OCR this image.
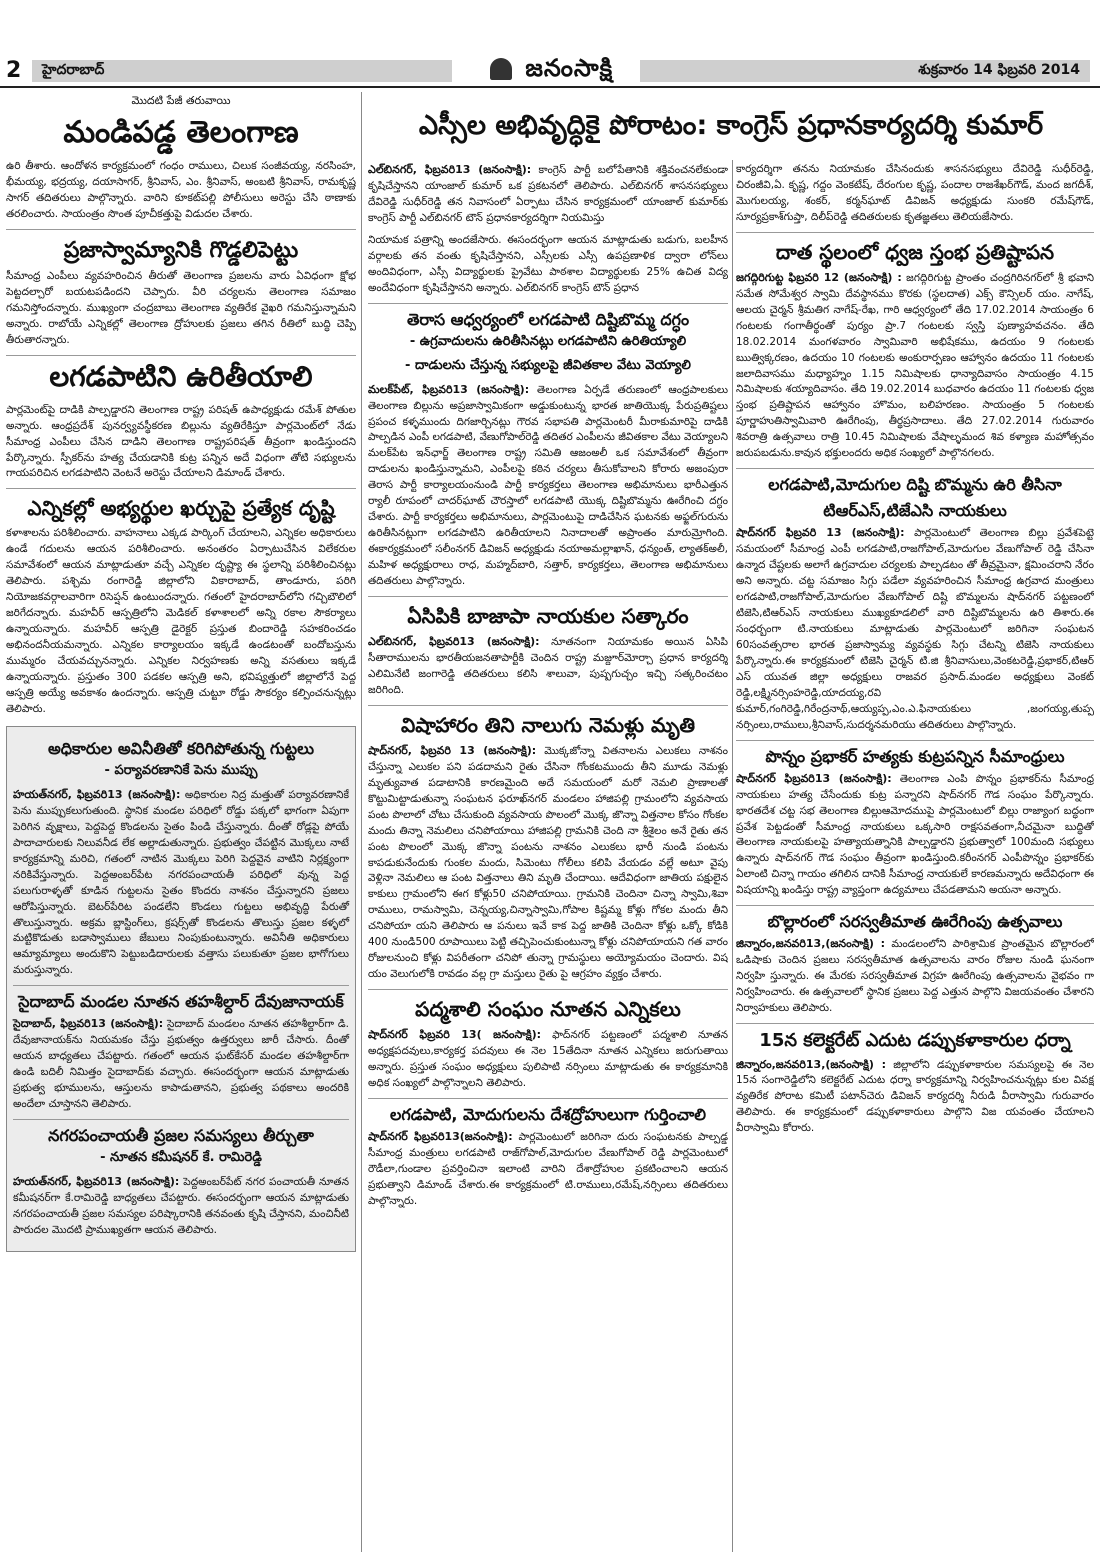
2	హైదరాబాద్	జనంసాక్షి	శుక్రవారం 14 ఫిబ్రవరి 2014
మొదటి పేజీ తరువాయి
మండిపడ్డ తెలంగాణ
ఉరి తీశారు. ఆందోళన కార్యక్రమంలో గంధం రాములు, చిలుక సంజీవయ్య, నరసింహ, భీమయ్య, భద్రయ్య, దయాసాగర్, శ్రీనివాస్, ఎం. శ్రీనివాస్, అంబటి శ్రీనివాస్, రామకృష్ణ సాగర్ తదితరులు పాల్గొన్నారు. వారిని కూకట్‌పల్లి పోలీసులు అరెస్టు చేసి ఠాణాకు తరలించారు. సాయంత్రం సొంత పూచీకత్తుపై విడుదల చేశారు.
ప్రజాస్వామ్యానికి గొడ్డలిపెట్టు
సీమాంధ్ర ఎంపీలు వ్యవహరించిన తీరుతో తెలంగాణ ప్రజలను వారు ఏవిధంగా క్షోభ పెట్టదల్చారో బయటపడిందని చెప్పారు. వీరి చర్యలను తెలంగాణ సమాజం గమనిస్తోందన్నారు. ముఖ్యంగా చంద్రబాబు తెలంగాణ వ్యతిరేక వైఖరి గమనిస్తున్నామని అన్నారు. రాబోయే ఎన్నికల్లో తెలంగాణ ద్రోహులకు ప్రజలు తగిన రీతిలో బుద్ధి చెప్పి తీరుతారన్నారు.
లగడపాటిని ఉరితీయాలి
పార్లమెంట్‌పై దాడికి పాల్పడ్డారని తెలంగాణ రాష్ట్ర పరిషత్ ఉపాధ్యక్షుడు రమేశ్ పోతుల అన్నారు. ఆంధ్రప్రదేశ్ పునర్వ్యవస్థీకరణ బిల్లును వ్యతిరేకిస్తూ పార్లమెంట్‌లో నేడు సీమాంధ్ర ఎంపీలు చేసిన దాడిని తెలంగాణ రాష్ట్రపరిషత్ తీవ్రంగా ఖండిస్తుందని పేర్కొన్నారు. స్పీకర్‌ను హత్య చేయడానికి కుట్ర పన్నిన అదే విధంగా తోటి సభ్యులను గాయపరిచిన లగడపాటిని వెంటనే అరెస్టు చేయాలని డిమాండ్ చేశారు.
ఎన్నికల్లో అభ్యర్థుల ఖర్చుపై ప్రత్యేక దృష్టి
కళాశాలను పరిశీలించారు. వాహనాలు ఎక్కడ పార్కింగ్ చేయాలని, ఎన్నికల అధికారులు ఉండే గదులను ఆయన పరిశీలించారు. అనంతరం ఏర్పాటుచేసిన విలేకరుల సమావేశంలో ఆయన మాట్లాడుతూ వచ్చే ఎన్నికల దృష్ట్యా ఈ స్థలాన్ని పరిశీలించినట్లు తెలిపారు. పశ్చిమ రంగారెడ్డి జిల్లాలోని వికారాబాద్, తాండూరు, పరిగి నియోజకవర్గాలవారిగా రిసెప్షన్ ఉంటుందన్నారు. గతంలో హైదరాబాద్‌లోని గచ్చిబౌలిలో జరిగేదన్నారు. మహవీర్ ఆస్పత్రిలోని మెడికల్ కళాశాలలో అన్ని రకాల సౌకర్యాలు ఉన్నాయన్నారు. మహవీర్ ఆస్పత్రి డైరెక్టర్ ప్రస్తుత బిందారెడ్డి సహకరించడం అభినందనీయమన్నారు. ఎన్నికల కార్యాలయం ఇక్కడే ఉండటంతో బందోబస్తును ముమ్మరం చేయవచ్చునన్నారు. ఎన్నికల నిర్వహణకు అన్ని వసతులు ఇక్కడే ఉన్నాయన్నారు. ప్రస్తుతం 300 పడకల ఆస్పత్రి అని, భవిష్యత్తులో జిల్లాలోనే పెద్ద ఆస్పత్రి అయ్యే అవకాశం ఉందన్నారు. ఆస్పత్రి చుట్టూ రోడ్డు సౌకర్యం కల్పించనున్నట్లు తెలిపారు.
అధికారుల అవినీతితో కరిగిపోతున్న గుట్టలు
- పర్యావరణానికే పెను ముప్పు
హయత్‌నగర్, ఫిబ్రవరి13 (జనంసాక్షి): అధికారుల నిద్ర మత్తుతో పర్యావరణానికే పెను ముప్పుకలుగుతుంది. స్థానిక మండల పరిధిలో రోడ్డు పక్కలో భాగంగా ఏపుగా పెరిగిన వృక్షాలు, పెద్దపెద్ద కొండలను సైతం పిండి చేస్తున్నారు. దీంతో రోడ్లపై పోయే పాదాచారులకు నిలువనీడ లేక అల్లాడుతున్నారు. ప్రభుత్వం చేపట్టిన మొక్కలు నాటే కార్యక్రమాన్ని మరిచి, గతంలో నాటిన మొక్కలు పెరిగి పెద్దవైన వాటిని నిర్లక్ష్యంగా నరికివేస్తున్నారు. పెద్దఅంబర్‌పేట నగరపంచాయతీ పరిధిలో వున్న పెద్ద పలుగురాళ్ళతో కూడిన గుట్టలను సైతం కొందరు నాశనం చేస్తున్నారని ప్రజలు ఆరోపిస్తున్నారు. బెటర్‌పేరిట పండలేని కొండలు గుట్టలు అభివృద్ధి పేరుతో తొలుస్తున్నారు. అక్రమ బ్లాస్టింగ్‌లు, క్రషర్స్‌తో కొండలను తొలుస్తు ప్రజల కళ్ళలో మట్టికొడుతు బడాస్వాములు జేబులు నింపుకుంటున్నారు. అవినీతి అధికారులు ఆమ్యామ్యాలు అందుకొని పెట్టుబడిదారులకు వత్తాసు పలుకుతూ ప్రజల భాగోగులు మరుస్తున్నారు.
సైదాబాద్ మండల నూతన తహశీల్దార్ దేవుజానాయక్
సైదాబాద్, ఫిబ్రవరి13 (జనంసాక్షి): సైదాబాద్ మండలం నూతన తహశీల్దార్‌గా డి. దేవుజానాయక్‌ను నియమకం చేస్తు ప్రభుత్వం ఉత్తర్వులు జారీ చేసారు. దీంతో ఆయన బాధ్యతలు చేపట్టారు. గతంలో ఆయన ఘట్‌కేసర్ మండల తహశీల్దార్‌గా ఉండి బదిలీ నిమిత్తం సైదాబాద్‌కు వచ్చారు. ఈసందర్భంగా ఆయన మాట్లాడుతు ప్రభుత్వ భూములను, ఆస్తులను కాపాడుతానని, ప్రభుత్వ పథకాలు అందరికి అందేలా చూస్తానని తెలిపారు.
నగరపంచాయతీ ప్రజల సమస్యలు తీర్చుతా
- నూతన కమీషనర్ కే. రామిరెడ్డి
హయత్‌నగర్, ఫిబ్రవరి13 (జనంసాక్షి): పెద్దఅంబర్‌పేట్ నగర పంచాయతీ నూతన కమీషనర్‌గా కే.రామిరెడ్డి బాధ్యతలు చేపట్టారు. ఈసందర్భంగా ఆయన మాట్లాడుతు నగరపంచాయతీ ప్రజల సమస్యల పరిష్కారానికి తనవంతు కృషి చేస్తానని, మంచినీటి పారుదల మొదటి ప్రాముఖ్యతగా ఆయన తెలిపారు.
ఎస్సీల అభివృద్ధికై పోరాటం: కాంగ్రెస్ ప్రధానకార్యదర్శి కుమార్
ఎల్‌బినగర్, ఫిబ్రవరి13 (జనంసాక్షి): కాంగ్రెస్ పార్టీ బలోపేతానికి శక్తివంచనలేకుండా కృషిచేస్తానని యాంజాల్ కుమార్ ఒక ప్రకటనలో తెలిపారు. ఎల్‌బినగర్ శాసనసభ్యులు దేవిరెడ్డి సుధీర్‌రెడ్డి తన నివాసంలో ఏర్పాటు చేసిన కార్యక్రమంలో యాంజాల్ కుమార్‌కు కాంగ్రెస్ పార్టీ ఎల్‌బినగర్ టౌన్ ప్రధానకార్యదర్శిగా నియమిస్తు
నియామక పత్రాన్ని అందజేసారు. ఈసందర్భంగా ఆయన మాట్లాడుతు బడుగు, బలహీన వర్గాలకు తన వంతు కృషిచేస్తానని, ఎస్సీలకు ఎస్సీ ఉపప్రణాళిక ద్వారా లోన్‌లు అందివిధంగా, ఎస్సీ విద్యార్థులకు ప్రైవేటు పాఠశాల విద్యార్థులకు 25% ఉచిత విద్య అందేవిధంగా కృషిచేస్తానని అన్నారు. ఎల్‌బినగర్ కాంగ్రెస్ టౌన్ ప్రధాన
తెరాస ఆధ్వర్యంలో లగడపాటి దిష్టిబొమ్మ దగ్ధం
- ఉగ్రవాదులను ఉరితీసినట్లు లగడపాటిని ఉరితియ్యాలి
- దాడులను చేస్తున్న సభ్యులపై జీవితకాల వేటు వెయ్యాలి
మలక్‌పేట్, ఫిబ్రవరి13 (జనంసాక్షి): తెలంగాణ ఏర్పడే తరుణంలో ఆంధ్రపాలకులు తెలంగాణ బిల్లును అప్రజాస్వామికంగా అడ్డుకుంటున్న భారత జాతియొక్క పేరుప్రతిష్టలు ప్రపంచ కళ్ళముందు దిగజార్చినట్లు గౌరవ సభాపతి పార్లమెంటరీ మీరాకుమారిపై దాడికి పాల్పడిన ఎంపీ లగడపాటి, వేణుగోపాల్‌రెడ్డి తదితర ఎంపీలను జీవితకాల వేటు వెయ్యాలని మలక్‌పేట ఇన్‌ఛార్జ్ తెలంగాణ రాష్ట్ర సమితి ఆజంఅలీ ఒక సమావేశంలో తీవ్రంగా దాడులను ఖండిస్తున్నామని, ఎంపీలపై కఠిన చర్యలు తీసుకోవాలని కోరారు అజంపురా తెరాస పార్టీ కార్యాలయంనుండి పార్టీ కార్యకర్తలు తెలంగాణ అభిమానులు భారీఎత్తున ర్యాలీ రూపంలో చాదర్‌ఘాట్ చౌరస్తాలో లగడపాటి యొక్క దిష్టిబొమ్మను ఊరేగించి దగ్ధం చేశారు. పార్టీ కార్యకర్తలు అభిమానులు, పార్లమెంటుపై దాడిచేసిన ఘటనకు అఫ్జల్‌గురును ఉరితీసినట్లుగా లగడపాటిని ఉరితీయాలని నినాదాలతో అప్రాంతం మారుమ్రోగింది. ఈకార్యక్రమంలో సలీంనగర్ డివిజన్ అధ్యక్షుడు నయాఅమల్లాఖాన్, ధన్యంత్, ల్యాతక్‌అలీ, మహిళ అధ్యక్షురాలు రాధ, మహ్మద్‌బారి, సత్తార్, కార్యకర్తలు, తెలంగాణ అభిమానులు తదితరులు పాల్గొన్నారు.
ఏసిపికి బాజాపా నాయకుల సత్కారం
ఎల్‌బినగర్, ఫిబ్రవరి13 (జనంసాక్షి): నూతనంగా నియామకం అయిన ఏసిపి సీతారాములను భారతీయజనతాపార్టీకి చెందిన రాష్ట్ర మజ్దూర్‌మోర్చా ప్రధాన కార్యదర్శి ఎలిమినేటి జంగారెడ్డి తదితరులు కలిసి శాలువా, పుష్పగుచ్చం ఇచ్చి సత్కరించటం జరిగింది.
విషాహారం తిని నాలుగు నెమళ్లు మృతి
షాద్‌నగర్, ఫిబ్రవరి 13 (జనంసాక్షి): మొక్కజోన్నా వితనాలను ఎలుకలు నాశనం చేస్తున్నా ఎలుకల పని పడదామని రైతు చేసినా గోంకటముందు తీని మూడు నెమళ్లు మృత్యువాత పడాటానికి కారణమైంది అదే సమయంలో మరో నెమలి ప్రాణాలతో కొట్టుమిట్టాడుతున్నా సంఘటన ఫరూఖ్‌నగర్ మండలం హాజిపల్లి గ్రామంలోని వ్యవసాయ పంట పొలాలో చోటు చేసుకుంది వ్యవసాయ పొలంలో మొక్క జొన్నా విత్తనాల కోసం గోంకల మందు తిన్నా నెమలిలు చనిపోయాయి హాజిపల్లి గ్రామనికి చెంది నా శ్రీశైలం అనే రైతు తన పంట పొలంలో మొక్క జొన్నా పంటను నాశనం ఎలుకలు భారీ నుండి పంటను కాపడుకునేందుకు గుంకల మందు, సిమెంటు గోలీలు కలిపి వేయడం వల్లే అటూ వైపు వెళ్లినా నెమలిలు ఆ పంట విత్తనాలు తిని మృతి చేందాయి. ఆదేవిధంగా జాతియ పక్షులైన కాకులు గ్రామంలోని ఈగ కోళ్లు50 చనిపోయాయి. గ్రామనికి చెందినా చిన్నా స్వామి,శివా రాములు, రామస్వామి, చెన్నయ్య,చిన్నాస్వామి,గోపాల కిష్టమ్మ కోళ్లు గోకల మందు తీని చనిపోయా యని తెలిపారు ఆ పనులు ఇవే కాక పెద్ద జాతికి చెందినా కోళ్లు ఒక్కో కోడికి 400 నుండి500 రూపాయిలు పెట్టి తచ్చిపెంచుకుంటున్నా కోళ్లు చనిపోయాయని గత వారం రోజులనుంచి కోళ్లు విపరీతంగా చనిపో తున్నా గ్రామస్థులు అయ్యోమయం చెందారు. విష యం వెలుగులోకి రావడం వల్ల గ్రా మస్తులు రైతు పై ఆగ్రహం వ్యక్తం చేశారు.
పద్మశాలి సంఘం నూతన ఎన్నికలు
షాద్‌నగర్ ఫిబ్రవరి 13( జనంసాక్షి): ఫాద్‌నగర్ పట్టణంలో పద్మశాలి నూతన అధ్యక్షపదవులు,కార్యకర్త పదవులు ఈ నెల 15తేదినా నూతన ఎన్నికలు జరుగుతాయి అన్నారు. ప్రస్తుత సంఘం అధ్యక్షులు పులిపాటి నర్సింలు మాట్లాడుతు ఈ కార్యక్రమానికి అధిక సంఖ్యలో పాల్గొన్నాలని తెలిపారు.
లగడపాటి, మోదుగులను దేశద్రోహులుగా గుర్తించాలి
షాద్‌నగర్ ఫిబ్రవరి13(జనంసాక్షి): పార్లమెంటులో జరిగినా దురు సంఘటనకు పాల్పడ్డ సీమాంధ్ర మంత్రులు లగడపాటి రాజ్‌గోపాల్,మోదుగుల వేణుగోపాల్ రెడ్డి పార్లమెంటులో రౌడీలా,గుండాల ప్రవర్తించినా ఇలాంటి వారిని దేశాద్రోహుల ప్రకటించాలని ఆయన ప్రభుత్వాని డిమాండ్ చేశారు.ఈ కార్యక్రమంలో టి.రాములు,రమేష్,నర్సింలు తదితరులు పాల్గొన్నారు.
కార్యదర్శిగా తనను నియామకం చేసినందుకు శాసనసభ్యులు దేవిరెడ్డి సుధీర్‌రెడ్డి, చిరంజీవి,ఏ. కృష్ణ, గద్దం వెంకటేష్, దేరంగుల కృష్ణ, పందాల రాజశేఖర్‌గౌడ్, మంద జగదీశ్, మొగులయ్య, శంకర్, కర్మన్‌ఘాట్ డివిజన్ అధ్యక్షుడు సుంకరి రమేష్‌గౌడ్, సూర్యప్రకాశ్‌గుప్తా, దిలీప్‌రెడ్డి తదితరులకు కృతజ్ఞతలు తెలియజేసారు.
దాత స్థలంలో ధ్వజ స్తంభ ప్రతిష్టాపన
జగద్గిరిగుట్ట ఫిబ్రవరి 12 (జనంసాక్షి) : జగద్గిరిగుట్ట ప్రాంతం చంద్రగిరినగర్‌లో శ్రీ భవాని సమేత సోమేశ్వర స్వామి దేవస్థానము కొరకు (స్థలదాత) ఎక్స్ కౌన్సిలర్ యం. నాగేష్, ఆలయ చైర్మన్ శ్రీమతిగ నాగేష్-రేఖ, గారి ఆధ్వర్యంలో తేది 17.02.2014 సాయంత్రం 6 గంటలకు గంగాతీర్థంతో పుర్యం ప్రా.7 గంటలకు స్వస్తి పుణ్యాహవచనం. తేది 18.02.2014 మంగళవారం స్వామివారి అభిషేకము, ఉదయం 9 గంటలకు ఋత్విక్కరణం, ఉదయం 10 గంటలకు అంకురార్పణం ఆహ్వానం ఉదయం 11 గంటలకు జలాదివాసము మధ్యాహ్నం 1.15 నిమిషాలకు ధాన్యాదివాసం సాయంత్రం 4.15 నిమిషాలకు శయ్యాదివాసం. తేది 19.02.2014 బుధవారం ఉదయం 11 గంటలకు ధ్వజ స్తంభ ప్రతిష్టాపన ఆహ్వానం హొమం, బలిహరణం. సాయంత్రం 5 గంటలకు పూర్ణాహుతిస్వామివారి ఊరేగింపు, తీర్థప్రసాదాలు. తేది 27.02.2014 గురువారం శివరాత్రి ఉత్సవాలు రాత్రి 10.45 నిమిషాలకు వేషాల్ళమంద శివ కళ్యాణ మహోత్సవం జరుపబడును.కావున భక్తులందరు అధిక సంఖ్యలో పాల్గొనగలరు.
లగడపాటి,మోదుగుల దిష్టి బొమ్మను ఉరి తీసినా
టిఆర్‌ఎస్,టిజేఎసి నాయకులు
షాద్‌నగర్ ఫిబ్రవరి 13 (జనంసాక్షి): పార్లమెంటులో తెలంగాణ బిల్లు ప్రవేశపెట్టె సమయంలో సీమాంధ్ర ఎంపీ లగడపాటి,రాజగోపాల్,మోదుగుల వేణుగోపాల్ రెడ్డి చేసినా ఉన్మాద చేష్టలకు అలాగే ఉగ్రవాదుల చర్యలకు పాల్పడటం తో తీవ్రమైనా, క్షమించరాని నేరం అని అన్నారు. చట్ట సమాజం సిగ్గు పడేలా వ్యవహరించిన సీమాంధ్ర ఉగ్రవాద మంత్రులు లగడపాటి,రాజగోపాల్,మోదుగుల వేణుగోపాల్ దిష్టి బొమ్మలను షాద్‌నగర్ పట్టణంలో టిజెసి,టిఆర్‌ఎస్ నాయకులు ముఖ్యకూడలిలో వారి దిష్టిబొమ్మలను ఉరి తిశారు.ఈ సంధర్బంగా టి.నాయకులు మాట్లాడుతు పార్లమెంటులో జరిగినా సంఘటన 60సంవత్సరాల భారత ప్రజాస్వామ్య వ్యవస్థకు సిగ్గు చేటన్ని టిజెసి నాయకులు పేర్కొన్నారు.ఈ కార్యక్రమంలో టిజెసి చైర్మన్ టి.జి శ్రీనివాసులు,వెంకటరెడ్డి,ప్రభాకర్,టిఆర్ ఎస్ యువత జిల్లా అధ్యక్షులు రాజవర ప్రసాద్.మండల అధ్యక్షులు వెంకట్ రెడ్డి,లక్ష్మినర్సింహరెడ్డి,యాదయ్య,రవి కుమార్,గంగిరెడ్డి,గిరేంద్రనాథ్,ఆయ్యప్ప,ఎం.ఎ.ఫినాయకులు ,జంగయ్య,తుప్ప నర్సింలు,రాములు,శ్రీనివాస్,సుదర్శనమరియు తదితరులు పాల్గొన్నారు.
పొన్నం ప్రభాకర్ హత్యకు కుట్రపన్నిన సీమాంధ్రులు
షాద్‌నగర్ ఫిబ్రవరి13 (జనంసాక్షి): తెలంగాణ ఎంపి పొన్నం ప్రభాకర్‌ను సీమాంధ్ర నాయకులు హత్య చేసేందుకు కుట్ర పన్నారని షాద్‌నగర్ గౌడ సంఘం పేర్కొన్నారు. భారతదేశ చట్ట సభ తెలంగాణ బిల్లుఆమోదముపై పార్లమెంటులో బిల్లు రాజ్యాంగ బద్ధంగా ప్రవేశ పెట్టడంతో సీమాంధ్ర నాయకులు ఒక్కసారి రాక్షసవతంగా,నీచమైనా బుద్ధితో తెలంగాణ నాయకులపై హత్యాయత్నానికి పాల్పడ్డారని ప్రభుత్వాలో 100మంది సభ్యులు ఉన్నారు షాద్‌నగర్ గౌడ సంఘం తీవ్రంగా ఖండిస్తుంది.కరీంనగర్ ఎంపీపొన్నం ప్రభాకర్‌కు ఏలాంటి చిన్నా గాయం తగిలిన దానికి సీమాంధ్ర నాయకులే కారణమన్నారు అదేవిధంగా ఈ విషయాన్ని ఖండిస్తు రాష్ట్ర వ్యాప్తంగా ఉద్యమాలు చేపడతామని అయనా అన్నారు.
బొల్లారంలో సరస్వతీమాత ఊరేగింపు ఉత్సవాలు
జిన్నారం,జనవరి13,(జనంసాక్షి) : మండలంలోని పారిశ్రామిక ప్రాంతమైన బొల్లారంలో ఒడిషాకు చెందిన ప్రజలు సరస్వతీమాత ఉత్సవాలను వారం రోజుల నుండి ఘనంగా నిర్వహి స్తున్నారు. ఈ మేరకు సరస్వతీమాత విగ్రహ ఊరేగింపు ఉత్సవాలను వైభవం గా నిర్వహించారు. ఈ ఉత్సవాలలో స్థానిక ప్రజలు పెద్ద ఎత్తున పాల్గొని విజయవంతం చేశారని నిర్వాహకులు తెలిపారు.
15న కలెక్టరేట్ ఎదుట డప్పుకళాకారుల ధర్నా
జిన్నారం,జనవరి13,(జనంసాక్షి) : జిల్లాలోని డప్పుకళాకారుల సమస్యలపై ఈ నెల 15న సంగారెడ్డిలోని కలెక్టరేట్ ఎదుట ధర్నా కార్యక్రమాన్ని నిర్వహించనున్నట్లు కుల వివక్ష వ్యతిరేక పోరాట కమిటీ పటాన్‌చెరు డివిజన్ కార్యదర్శి నీరుడి వీరాస్వామి గురువారం తెలిపారు. ఈ కార్యక్రమంలో డప్పుకళాకారులు పాల్గొని విజ యవంతం చేయాలని వీరాస్వామి కోరారు.
